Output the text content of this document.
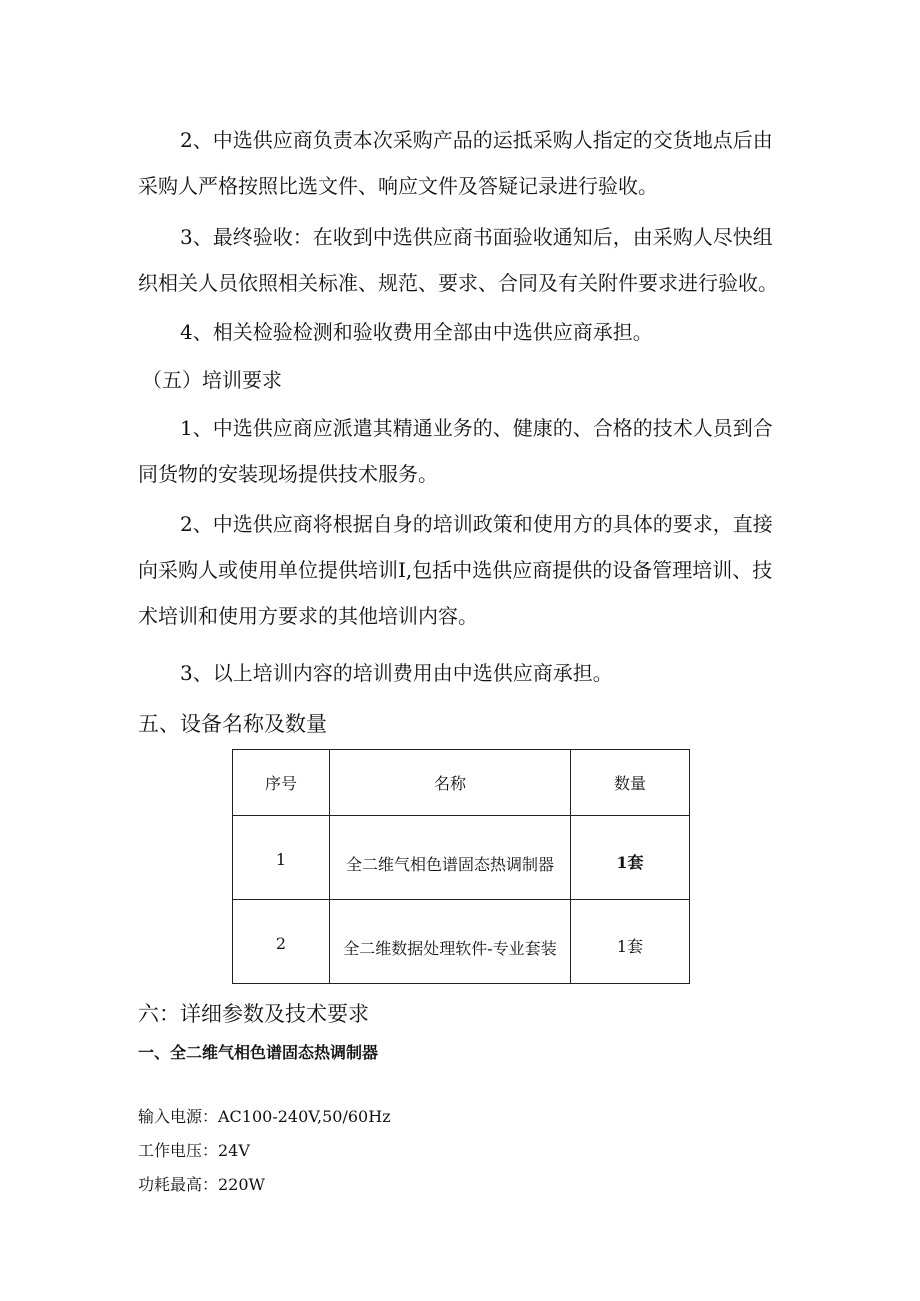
2、中选供应商负责本次采购产品的运抵采购人指定的交货地点后由
采购人严格按照比选文件、响应文件及答疑记录进行验收。
3、最终验收：在收到中选供应商书面验收通知后，由采购人尽快组
织相关人员依照相关标准、规范、要求、合同及有关附件要求进行验收。
4、相关检验检测和验收费用全部由中选供应商承担。
（五）培训要求
1、中选供应商应派遣其精通业务的、健康的、合格的技术人员到合
同货物的安装现场提供技术服务。
2、中选供应商将根据自身的培训政策和使用方的具体的要求，直接
向采购人或使用单位提供培训I,包括中选供应商提供的设备管理培训、技
术培训和使用方要求的其他培训内容。
3、以上培训内容的培训费用由中选供应商承担。
五、设备名称及数量
序号	名称	数量
1	全二维气相色谱固态热调制器	1套
2	全二维数据处理软件-专业套装	1套
六：详细参数及技术要求
一、全二维气相色谱固态热调制器
输入电源：AC100-240V,50/60Hz
工作电压：24V
功耗最高：220W
